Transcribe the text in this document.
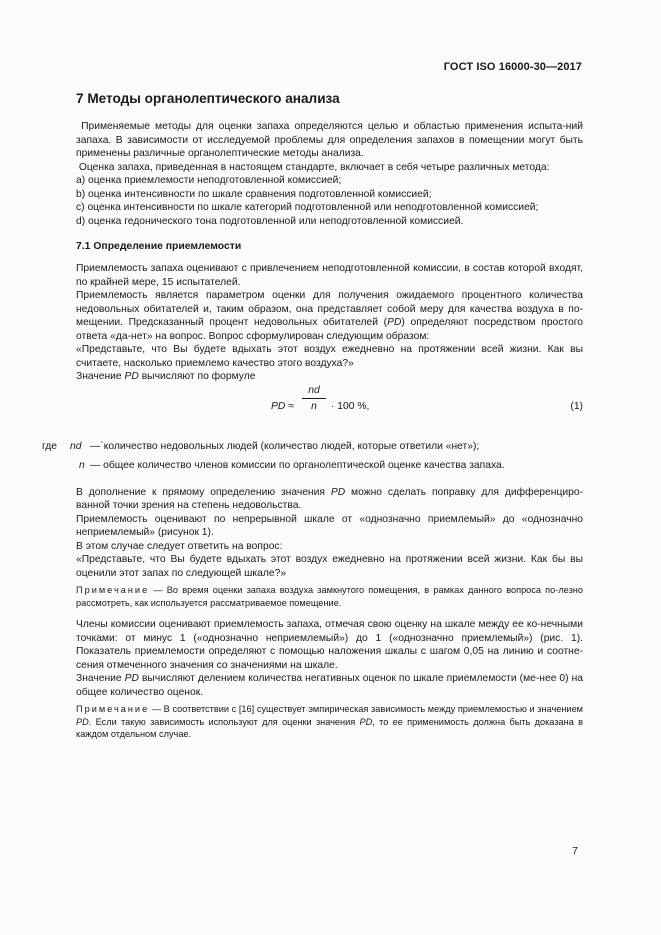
ГОСТ ISO 16000-30—2017
7 Методы органолептического анализа

Применяемые методы для оценки запаха определяются целью и областью применения испыта-ний запаха. В зависимости от исследуемой проблемы для определения запахов в помещении могут быть применены различные органолептические методы анализа.

Оценка запаха, приведенная в настоящем стандарте, включает в себя четыре различных метода:

a) оценка приемлемости неподготовленной комиссией;

b) оценка интенсивности по шкале сравнения подготовленной комиссией;

c) оценка интенсивности по шкале категорий подготовленной или неподготовленной комиссией;

d) оценка гедонического тона подготовленной или неподготовленной комиссией.

7.1 Определение приемлемости

Приемлемость запаха оценивают с привлечением неподготовленной комиссии, в состав которой входят, по крайней мере, 15 испытателей.

Приемлемость является параметром оценки для получения ожидаемого процентного количества недовольных обитателей и, таким образом, она представляет собой меру для качества воздуха в по-мещении. Предсказанный процент недовольных обитателей (PD) определяют посредством простого ответа «да-нет» на вопрос. Вопрос сформулирован следующим образом:

«Представьте, что Вы будете вдыхать этот воздух ежедневно на протяжении всей жизни. Как вы считаете, насколько приемлемо качество этого воздуха?»

Значение PD вычисляют по формуле

PD ≈
nd
n	· 100 %,	(1)
где nd —`количество недовольных людей (количество людей, которые ответили «нет»);
n — общее количество членов комиссии по органолептической оценке качества запаха.

В дополнение к прямому определению значения PD можно сделать поправку для дифференциро-ванной точки зрения на степень недовольства.

Приемлемость оценивают по непрерывной шкале от «однозначно приемлемый» до «однозначно неприемлемый» (рисунок 1).

В этом случае следует ответить на вопрос:

«Представьте, что Вы будете вдыхать этот воздух ежедневно на протяжении всей жизни. Как бы вы оценили этот запах по следующей шкале?»

Примечание — Во время оценки запаха воздуха замкнутого помещения, в рамках данного вопроса по-лезно рассмотреть, как используется рассматриваемое помещение.

Члены комиссии оценивают приемлемость запаха, отмечая свою оценку на шкале между ее ко-нечными точками: от минус 1 («однозначно неприемлемый») до 1 («однозначно приемлемый») (рис. 1). Показатель приемлемости определяют с помощью наложения шкалы с шагом 0,05 на линию и соотне-сения отмеченного значения со значениями на шкале.

Значение PD вычисляют делением количества негативных оценок по шкале приемлемости (ме-нее 0) на общее количество оценок.

Примечание — В соответствии с [16] существует эмпирическая зависимость между приемлемостью и значением PD. Если такую зависимость используют для оценки значения PD, то ее применимость должна быть доказана в каждом отдельном случае.

7
